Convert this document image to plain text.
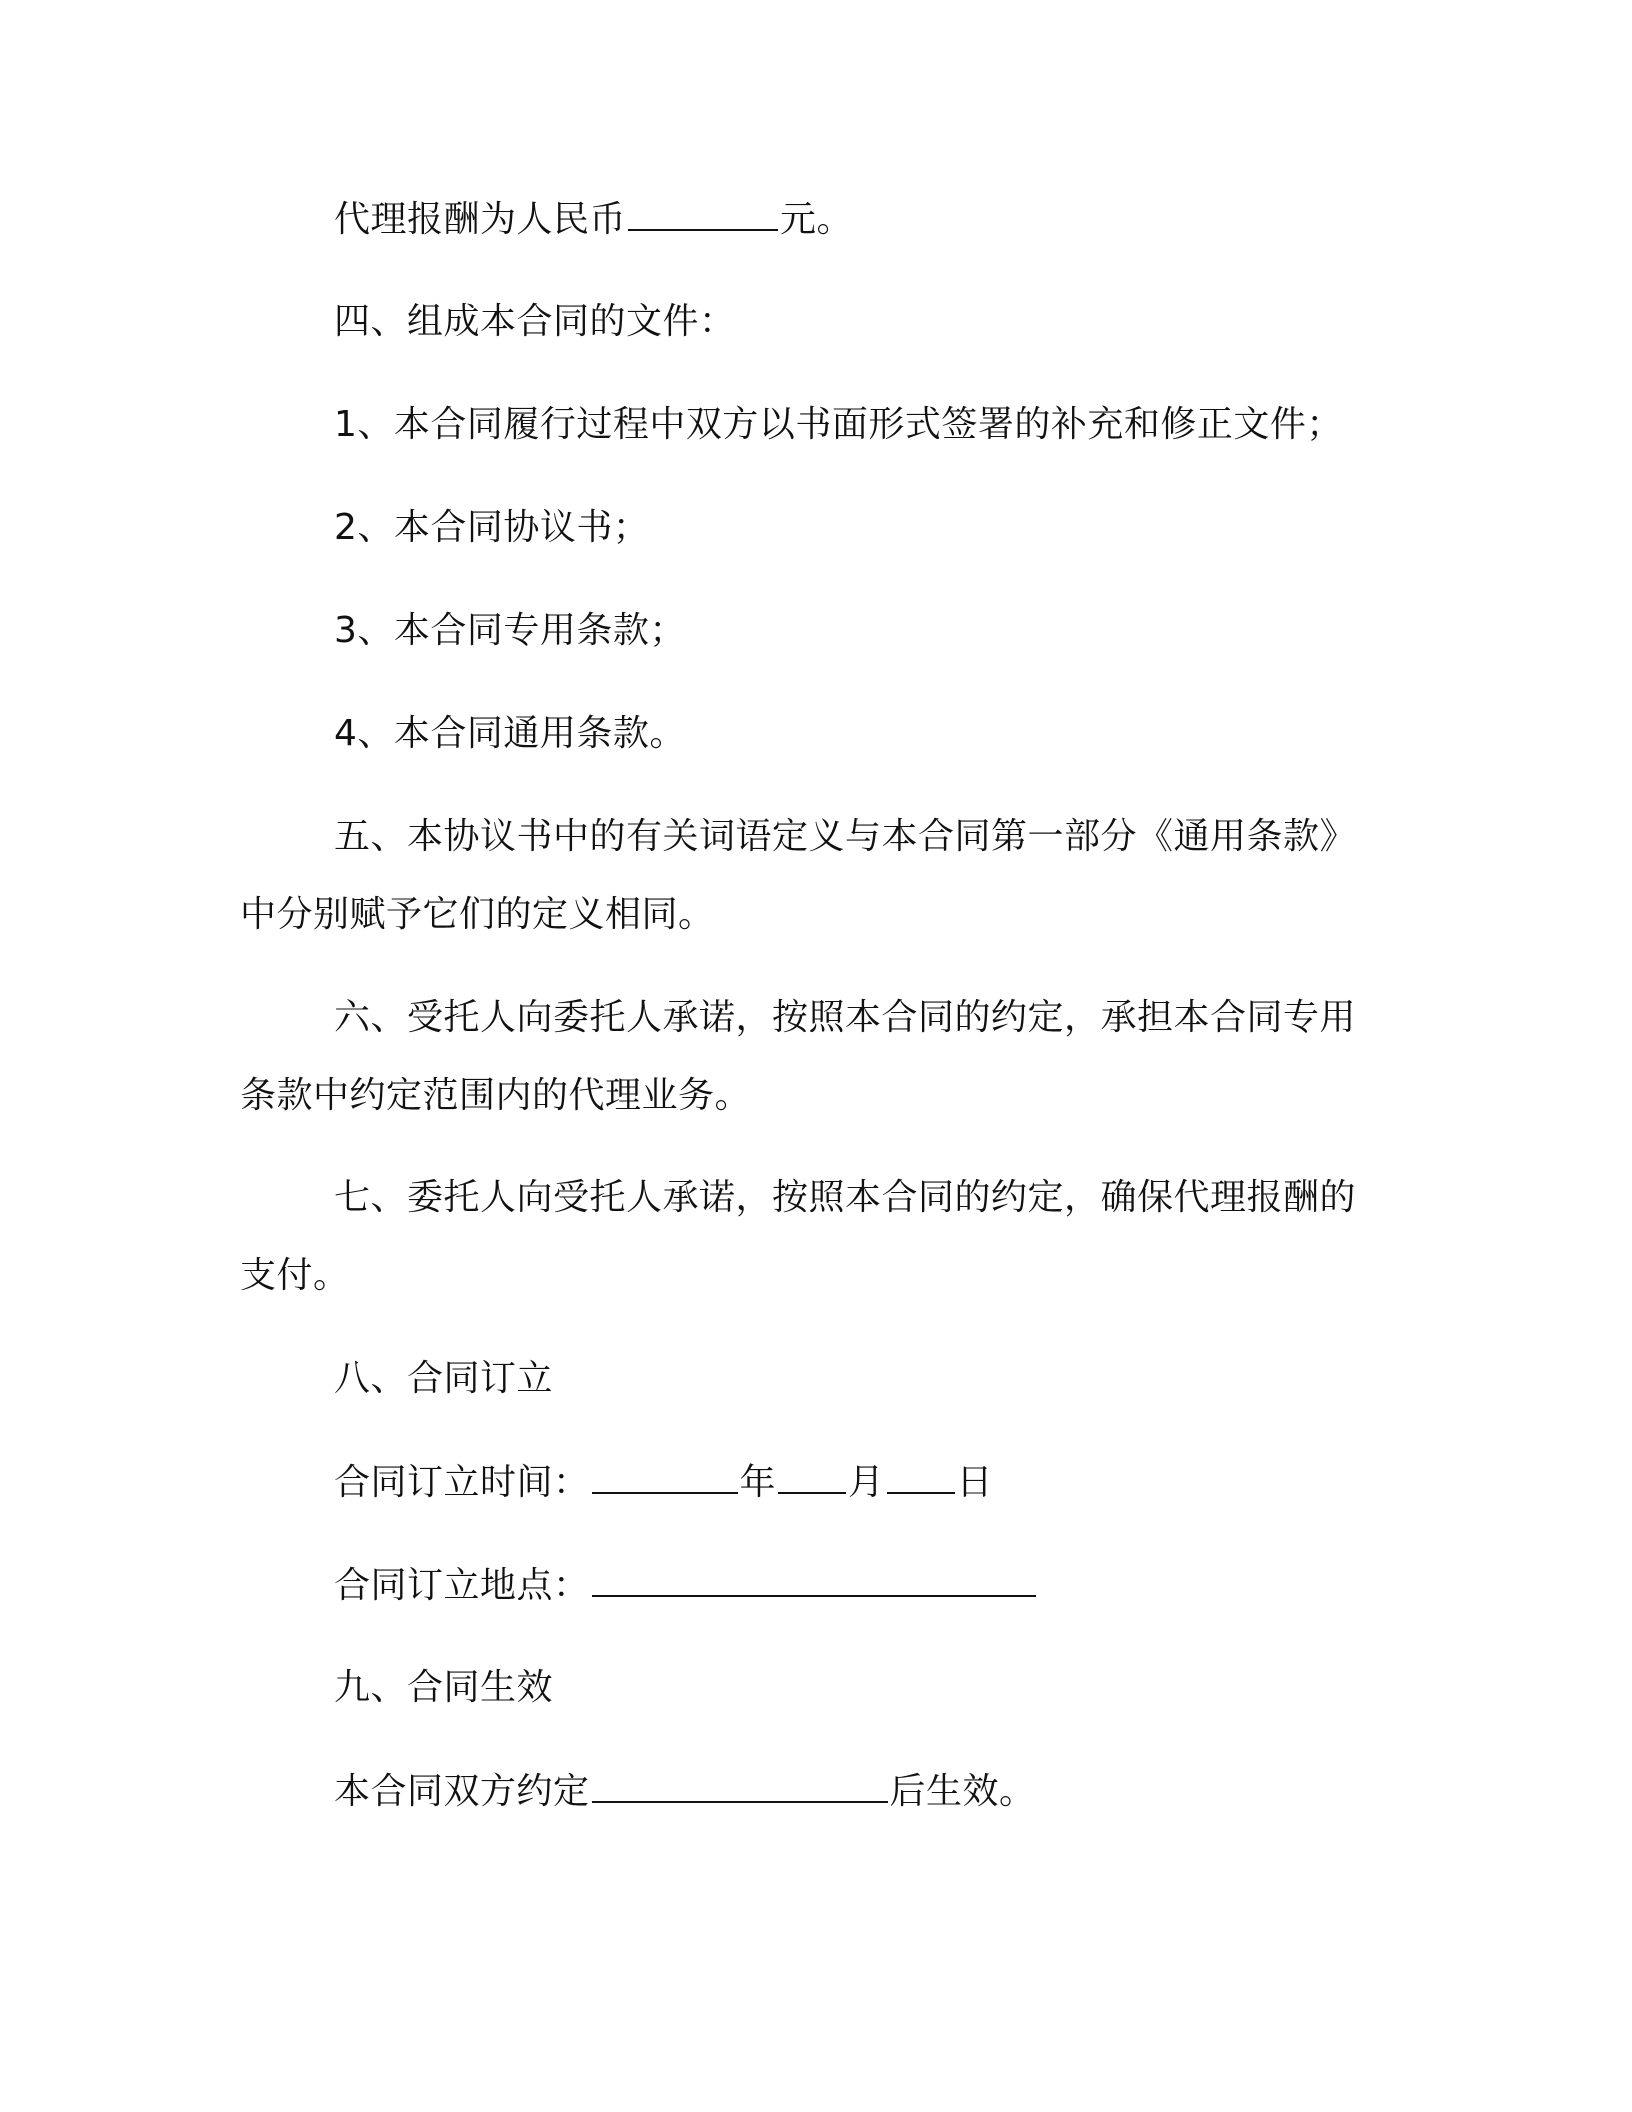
代理报酬为人民币	元。
四、组成本合同的文件：
1、本合同履行过程中双方以书面形式签署的补充和修正文件；
2、本合同协议书；
3、本合同专用条款；
4、本合同通用条款。
五、本协议书中的有关词语定义与本合同第一部分《通用条款》
中分别赋予它们的定义相同。
六、受托人向委托人承诺，按照本合同的约定，承担本合同专用
条款中约定范围内的代理业务。
七、委托人向受托人承诺，按照本合同的约定，确保代理报酬的
支付。
八、合同订立
合同订立时间：	年 月 日
合同订立地点：
九、合同生效
本合同双方约定	后生效。
